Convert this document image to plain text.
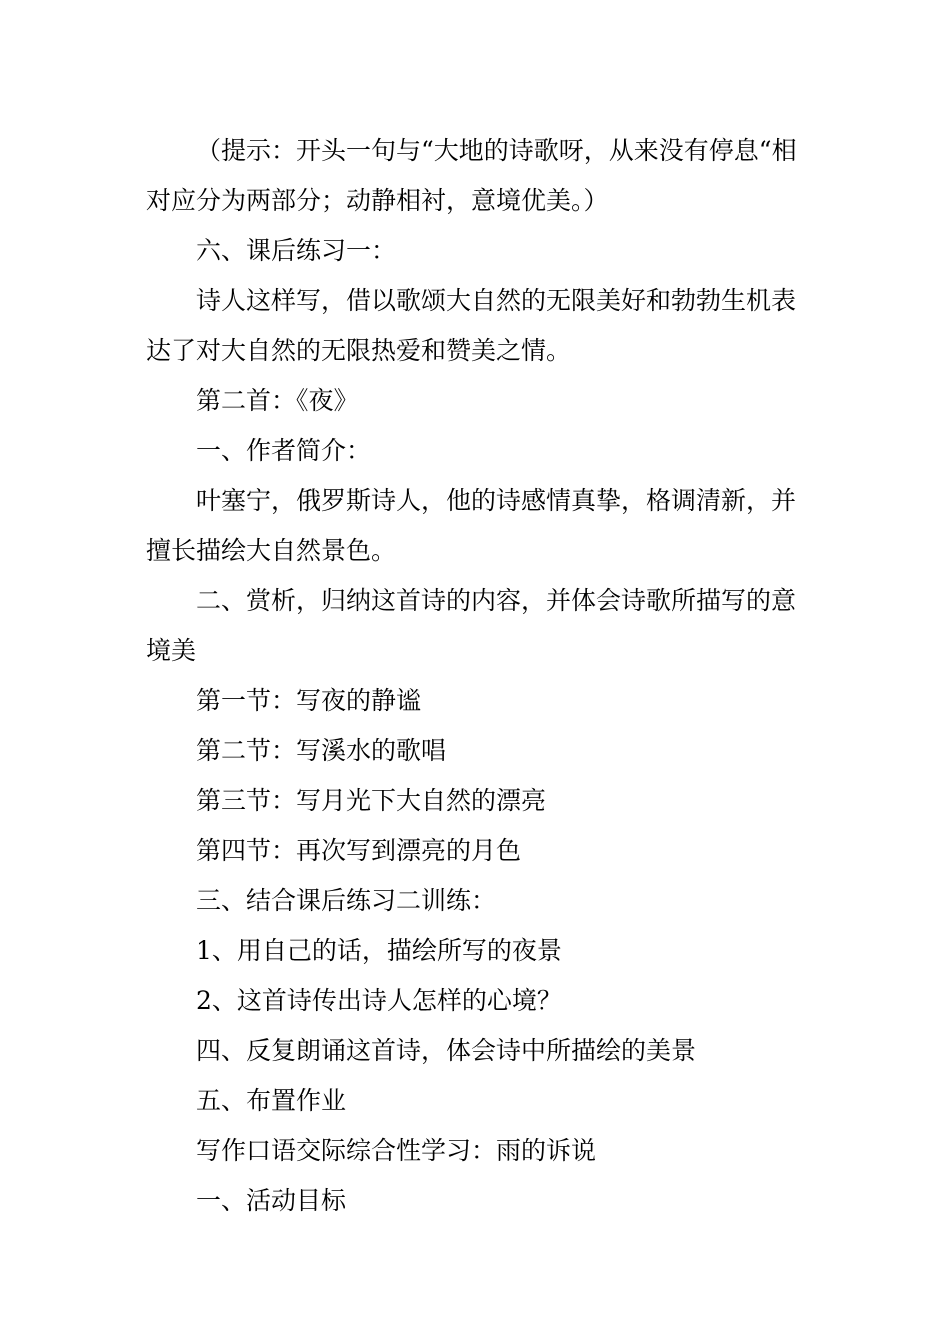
（提示：开头一句与“大地的诗歌呀，从来没有停息“相对应分为两部分；动静相衬，意境优美。）

六、课后练习一：

诗人这样写，借以歌颂大自然的无限美好和勃勃生机表达了对大自然的无限热爱和赞美之情。

第二首：《夜》

一、作者简介：

叶塞宁，俄罗斯诗人，他的诗感情真挚，格调清新，并擅长描绘大自然景色。

二、赏析，归纳这首诗的内容，并体会诗歌所描写的意境美

第一节：写夜的静谧

第二节：写溪水的歌唱

第三节：写月光下大自然的漂亮

第四节：再次写到漂亮的月色

三、结合课后练习二训练：

1、用自己的话，描绘所写的夜景

2、这首诗传出诗人怎样的心境？

四、反复朗诵这首诗，体会诗中所描绘的美景

五、布置作业

写作口语交际综合性学习：雨的诉说

一、活动目标
